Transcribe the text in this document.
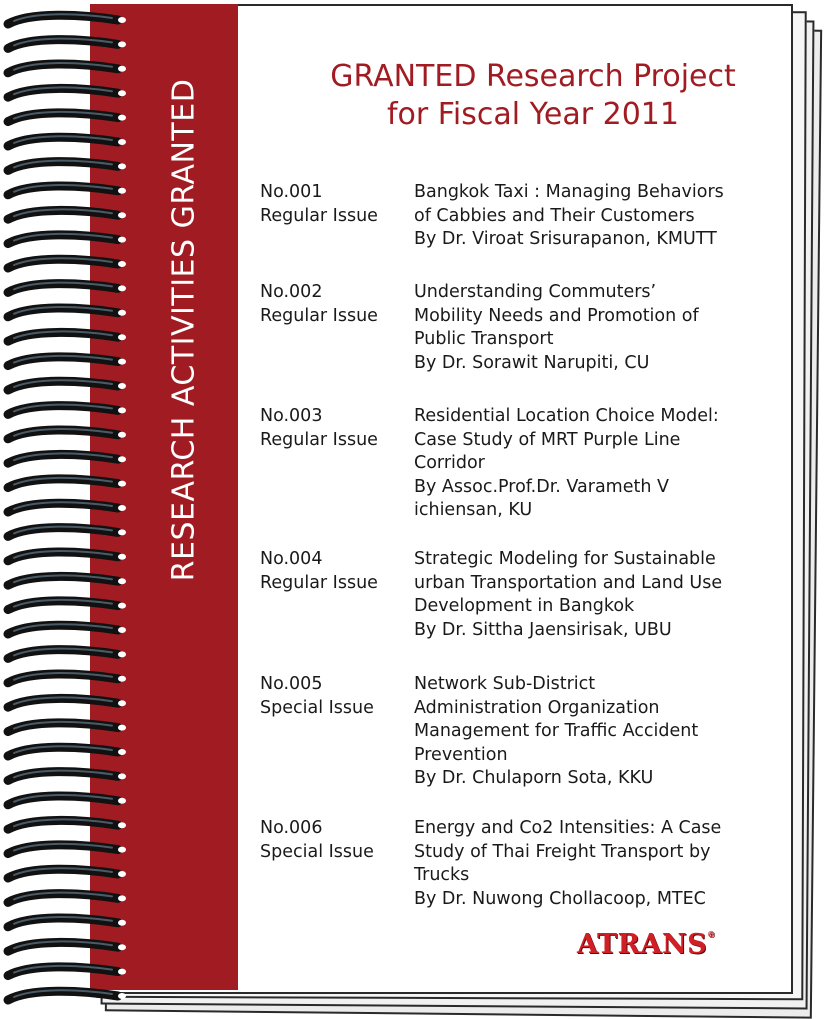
RESEARCH ACTIVITIES GRANTED
GRANTED Research Project
for Fiscal Year 2011
No.001
Regular Issue
Bangkok Taxi : Managing Behaviors
of Cabbies and Their Customers
By Dr. Viroat Srisurapanon, KMUTT
No.002
Regular Issue
Understanding Commuters’
Mobility Needs and Promotion of
Public Transport
By Dr. Sorawit Narupiti, CU
No.003
Regular Issue
Residential Location Choice Model:
Case Study of MRT Purple Line
Corridor
By Assoc.Prof.Dr. Varameth V
ichiensan, KU
No.004
Regular Issue
Strategic Modeling for Sustainable
urban Transportation and Land Use
Development in Bangkok
By Dr. Sittha Jaensirisak, UBU
No.005
Special Issue
Network Sub-District
Administration Organization
Management for Traffic Accident
Prevention
By Dr. Chulaporn Sota, KKU
No.006
Special Issue
Energy and Co2 Intensities: A Case
Study of Thai Freight Transport by
Trucks
By Dr. Nuwong Chollacoop, MTEC
ATRANS®
